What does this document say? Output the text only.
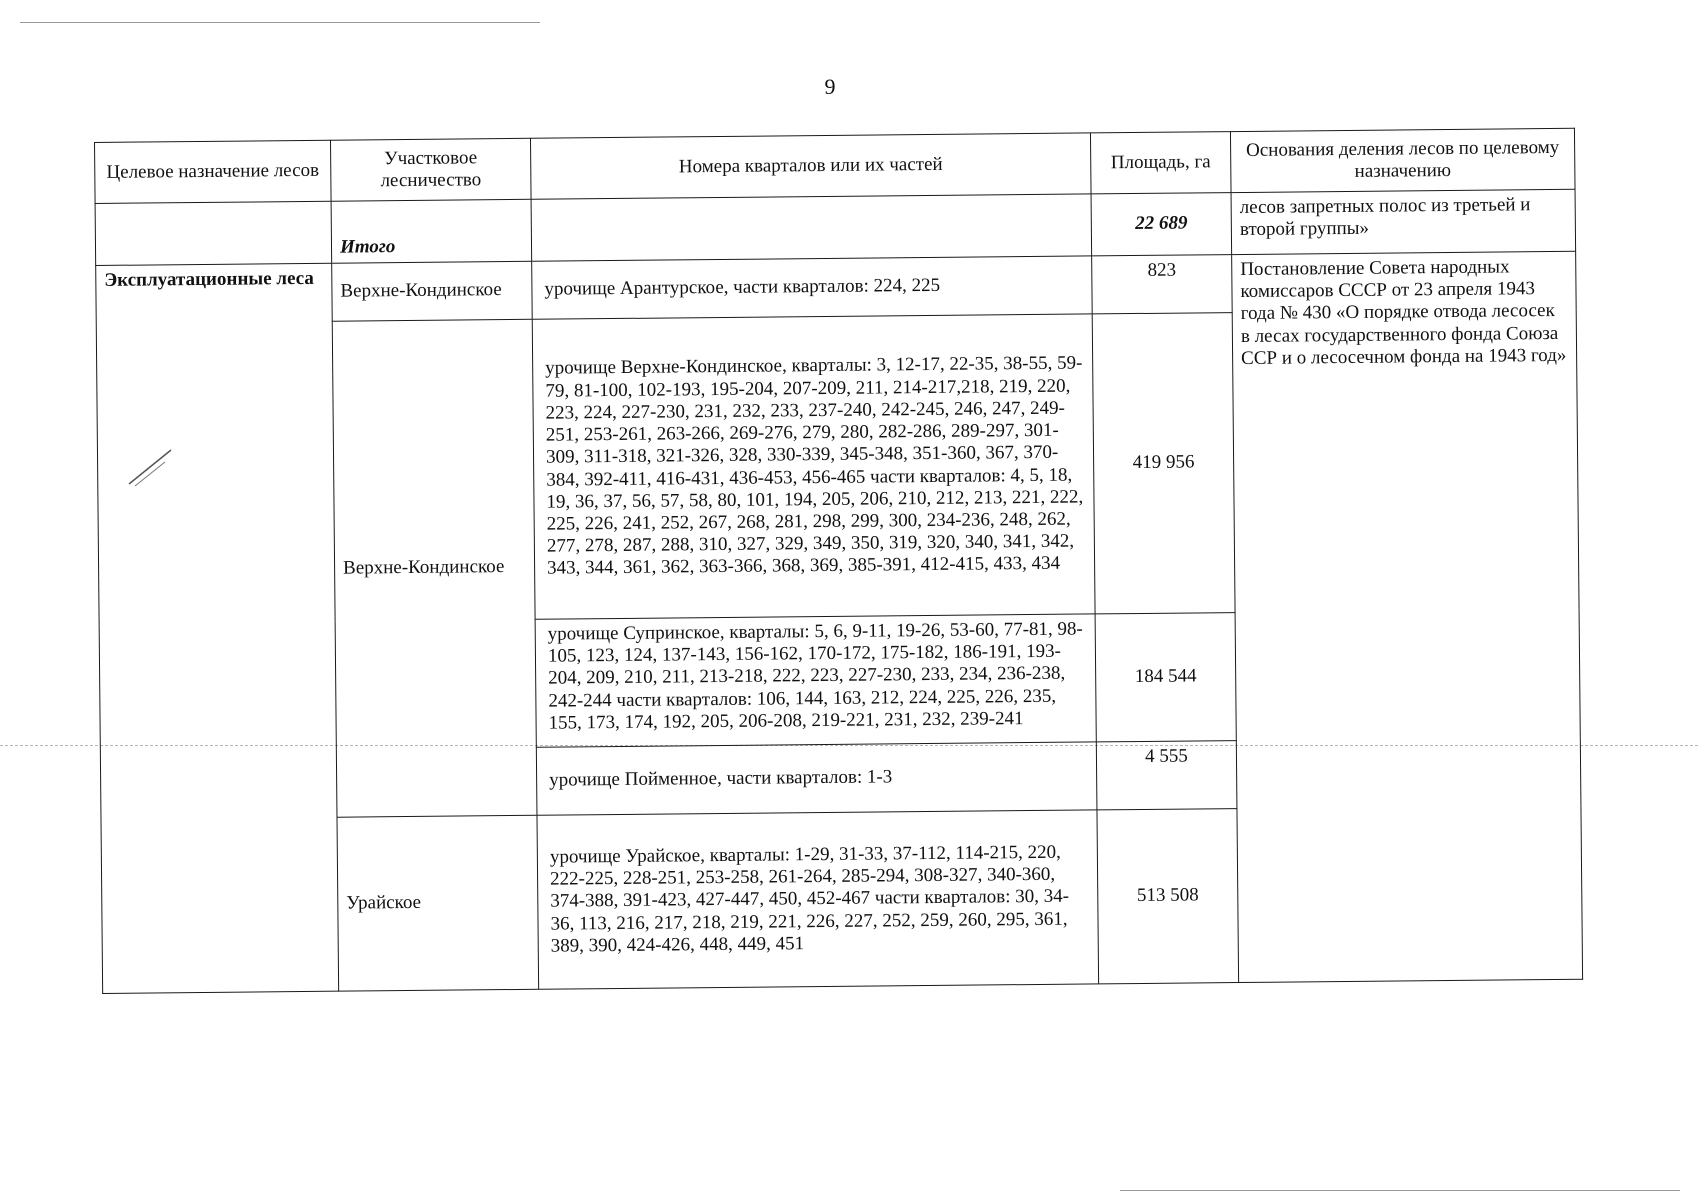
9
Целевое назначение лесов	Участковое лесничество	Номера кварталов или их частей	Площадь, га	Основания деления лесов по целевому назначению
	Итого		22 689	лесов запретных полос из третьей и второй группы»
Эксплуатационные леса	Верхне-Кондинское	урочище Арантурское, части кварталов: 224, 225	823	Постановление Совета народных комиссаров СССР от 23 апреля 1943 года № 430 «О порядке отвода лесосек в лесах государственного фонда Союза ССР и о лесосечном фонда на 1943 год»
	Верхне-Кондинское	урочище Верхне-Кондинское, кварталы: 3, 12-17, 22-35, 38-55, 59-79, 81-100, 102-193, 195-204, 207-209, 211, 214-217,218, 219, 220, 223, 224, 227-230, 231, 232, 233, 237-240, 242-245, 246, 247, 249-251, 253-261, 263-266, 269-276, 279, 280, 282-286, 289-297, 301-309, 311-318, 321-326, 328, 330-339, 345-348, 351-360, 367, 370-384, 392-411, 416-431, 436-453, 456-465 части кварталов: 4, 5, 18, 19, 36, 37, 56, 57, 58, 80, 101, 194, 205, 206, 210, 212, 213, 221, 222, 225, 226, 241, 252, 267, 268, 281, 298, 299, 300, 234-236, 248, 262, 277, 278, 287, 288, 310, 327, 329, 349, 350, 319, 320, 340, 341, 342, 343, 344, 361, 362, 363-366, 368, 369, 385-391, 412-415, 433, 434	419 956	
		урочище Супринское, кварталы: 5, 6, 9-11, 19-26, 53-60, 77-81, 98-105, 123, 124, 137-143, 156-162, 170-172, 175-182, 186-191, 193-204, 209, 210, 211, 213-218, 222, 223, 227-230, 233, 234, 236-238, 242-244 части кварталов: 106, 144, 163, 212, 224, 225, 226, 235, 155, 173, 174, 192, 205, 206-208, 219-221, 231, 232, 239-241	184 544	
		урочище Пойменное, части кварталов: 1-3	4 555	
	Урайское	урочище Урайское, кварталы: 1-29, 31-33, 37-112, 114-215, 220, 222-225, 228-251, 253-258, 261-264, 285-294, 308-327, 340-360, 374-388, 391-423, 427-447, 450, 452-467 части кварталов: 30, 34-36, 113, 216, 217, 218, 219, 221, 226, 227, 252, 259, 260, 295, 361, 389, 390, 424-426, 448, 449, 451	513 508	
